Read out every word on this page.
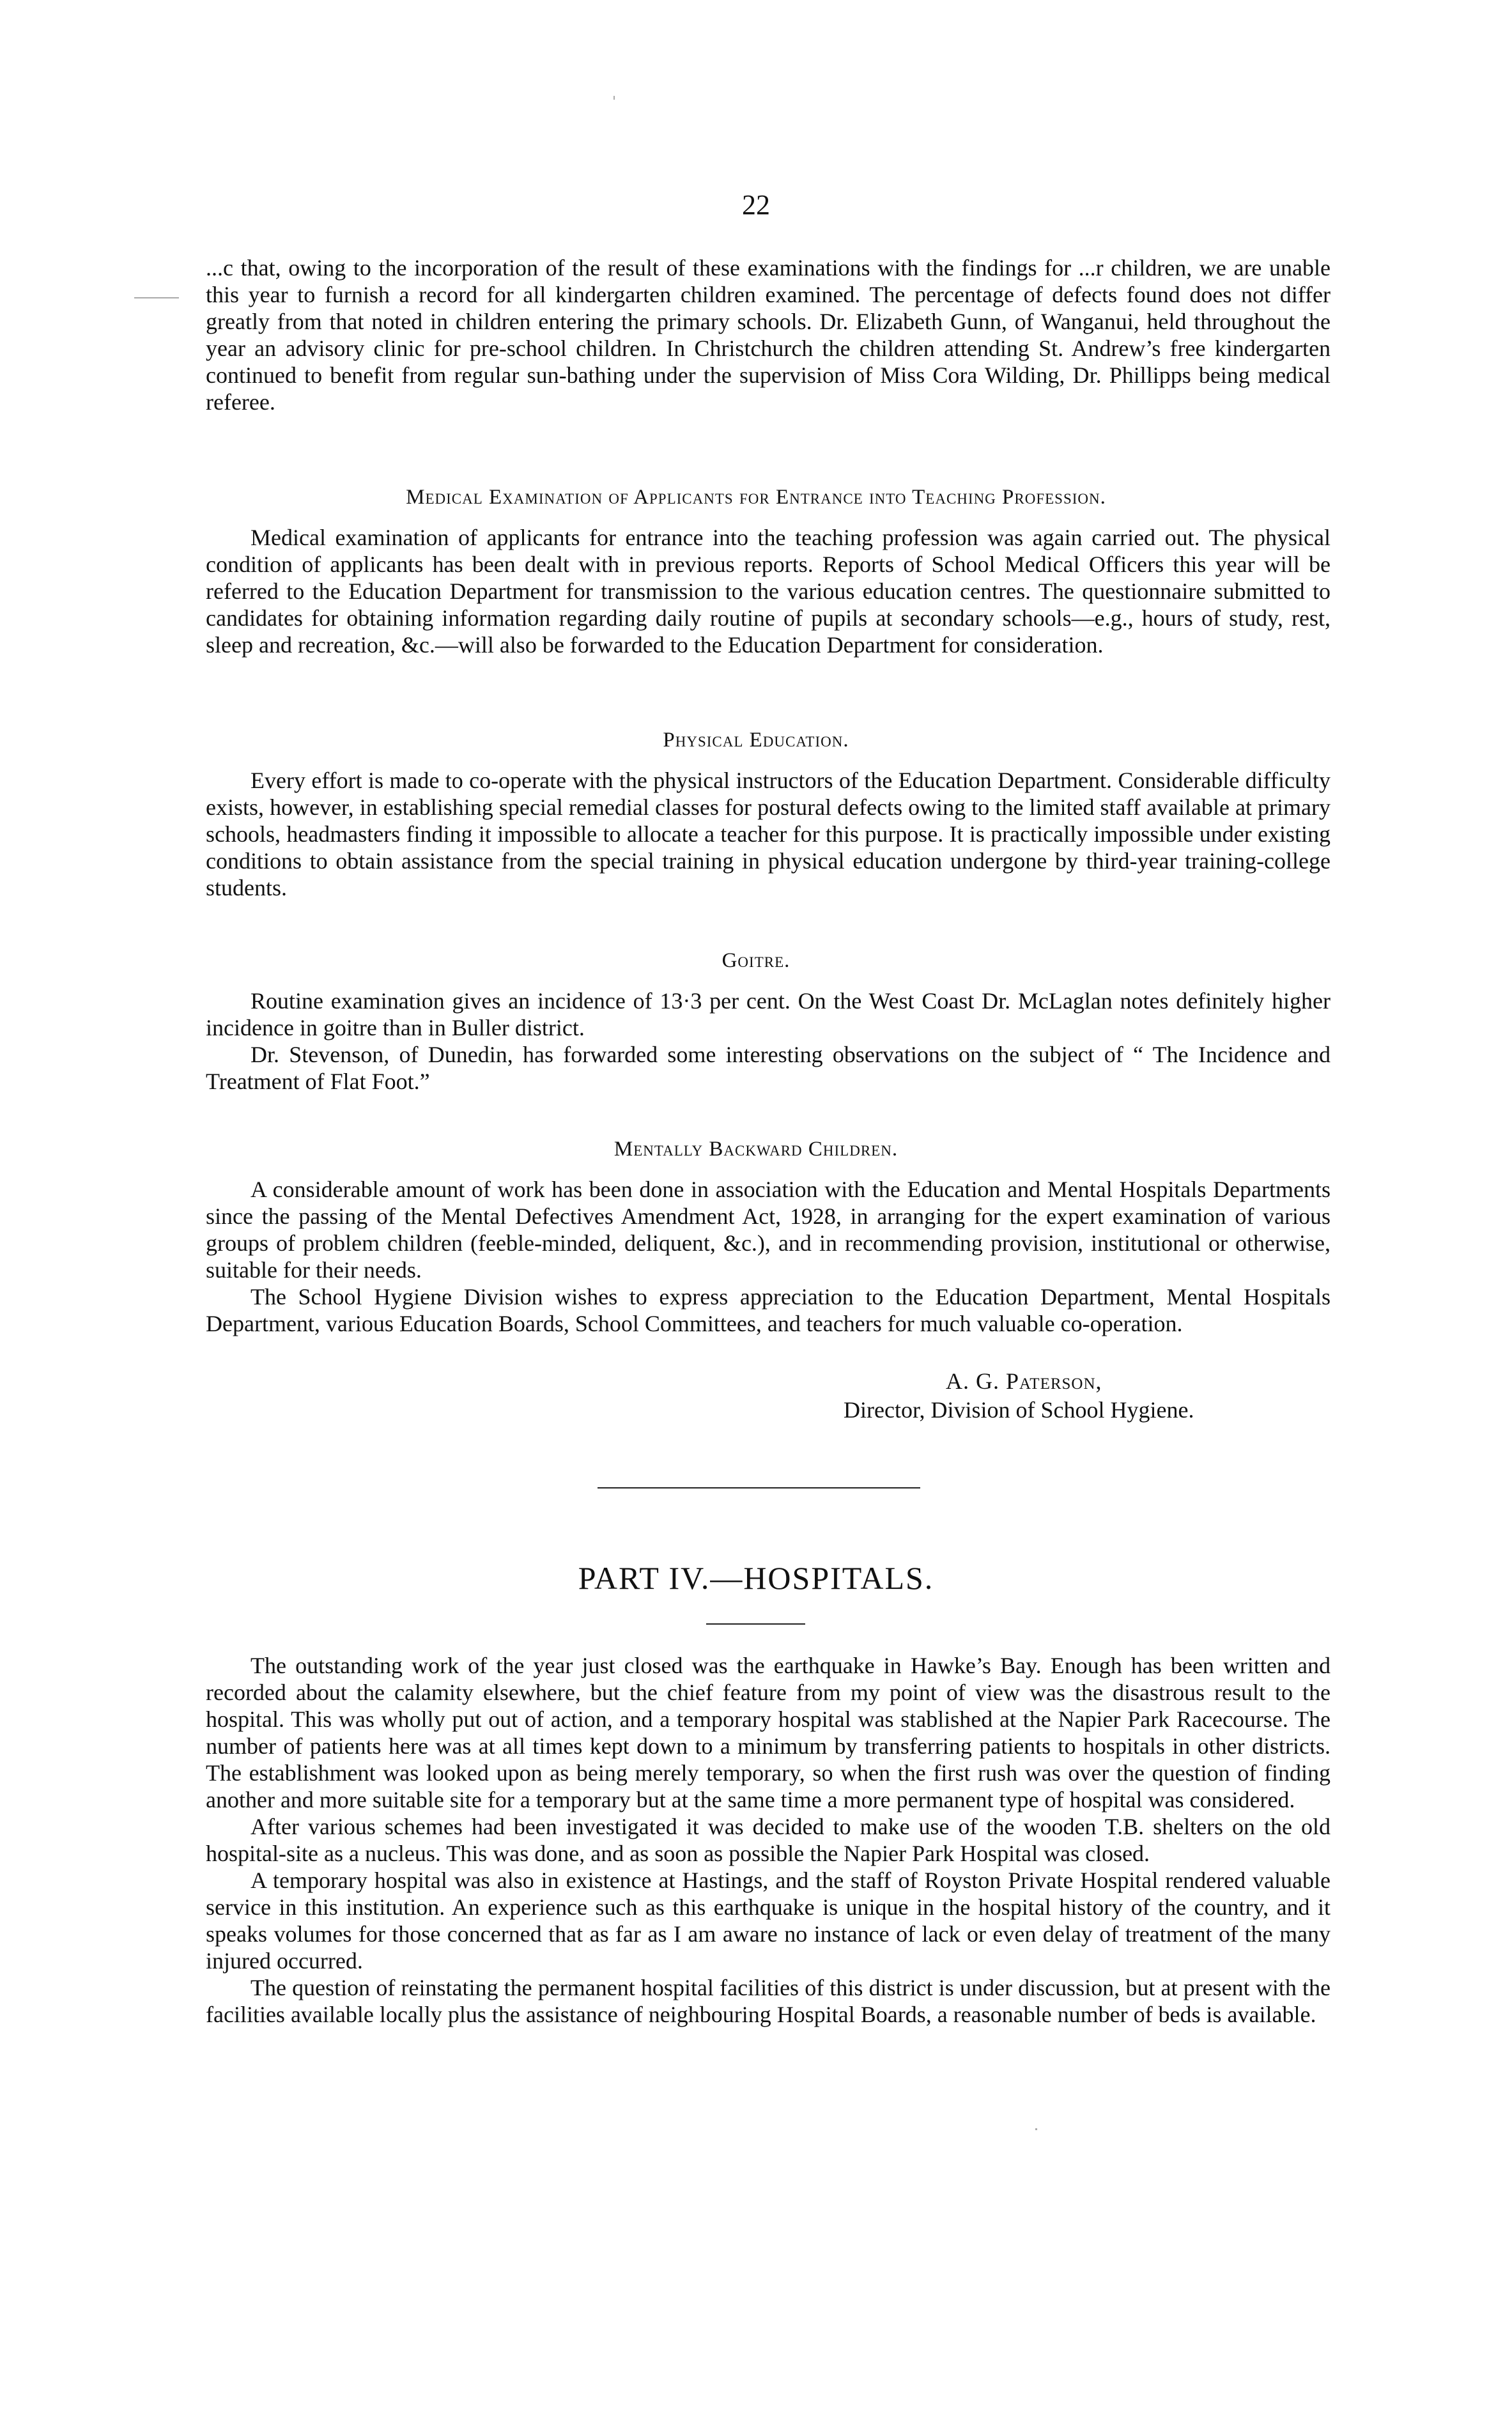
22

...c that, owing to the incorporation of the result of these examinations with the findings for ...r children, we are unable this year to furnish a record for all kindergarten children examined. The percentage of defects found does not differ greatly from that noted in children entering the primary schools. Dr. Elizabeth Gunn, of Wanganui, held throughout the year an advisory clinic for pre-school children. In Christchurch the children attending St. Andrew’s free kindergarten continued to benefit from regular sun-bathing under the supervision of Miss Cora Wilding, Dr. Phillipps being medical referee.

Medical Examination of Applicants for Entrance into Teaching Profession.

Medical examination of applicants for entrance into the teaching profession was again carried out. The physical condition of applicants has been dealt with in previous reports. Reports of School Medical Officers this year will be referred to the Education Department for transmission to the various education centres. The questionnaire submitted to candidates for obtaining information regarding daily routine of pupils at secondary schools—e.g., hours of study, rest, sleep and recreation, &c.—will also be forwarded to the Education Department for consideration.

Physical Education.

Every effort is made to co-operate with the physical instructors of the Education Department. Considerable difficulty exists, however, in establishing special remedial classes for postural defects owing to the limited staff available at primary schools, headmasters finding it impossible to allocate a teacher for this purpose. It is practically impossible under existing conditions to obtain assistance from the special training in physical education undergone by third-year training-college students.

Goitre.

Routine examination gives an incidence of 13·3 per cent. On the West Coast Dr. McLaglan notes definitely higher incidence in goitre than in Buller district.

Dr. Stevenson, of Dunedin, has forwarded some interesting observations on the subject of “ The Incidence and Treatment of Flat Foot.”

Mentally Backward Children.

A considerable amount of work has been done in association with the Education and Mental Hospitals Departments since the passing of the Mental Defectives Amendment Act, 1928, in arranging for the expert examination of various groups of problem children (feeble-minded, deliquent, &c.), and in recommending provision, institutional or otherwise, suitable for their needs.

The School Hygiene Division wishes to express appreciation to the Education Department, Mental Hospitals Department, various Education Boards, School Committees, and teachers for much valuable co-operation.

A. G. Paterson,
Director, Division of School Hygiene.
PART IV.—HOSPITALS.

The outstanding work of the year just closed was the earthquake in Hawke’s Bay. Enough has been written and recorded about the calamity elsewhere, but the chief feature from my point of view was the disastrous result to the hospital. This was wholly put out of action, and a temporary hospital was stablished at the Napier Park Racecourse. The number of patients here was at all times kept down to a minimum by transferring patients to hospitals in other districts. The establishment was looked upon as being merely temporary, so when the first rush was over the question of finding another and more suitable site for a temporary but at the same time a more permanent type of hospital was considered.

After various schemes had been investigated it was decided to make use of the wooden T.B. shelters on the old hospital-site as a nucleus. This was done, and as soon as possible the Napier Park Hospital was closed.

A temporary hospital was also in existence at Hastings, and the staff of Royston Private Hospital rendered valuable service in this institution. An experience such as this earthquake is unique in the hospital history of the country, and it speaks volumes for those concerned that as far as I am aware no instance of lack or even delay of treatment of the many injured occurred.

The question of reinstating the permanent hospital facilities of this district is under discussion, but at present with the facilities available locally plus the assistance of neighbouring Hospital Boards, a reasonable number of beds is available.
